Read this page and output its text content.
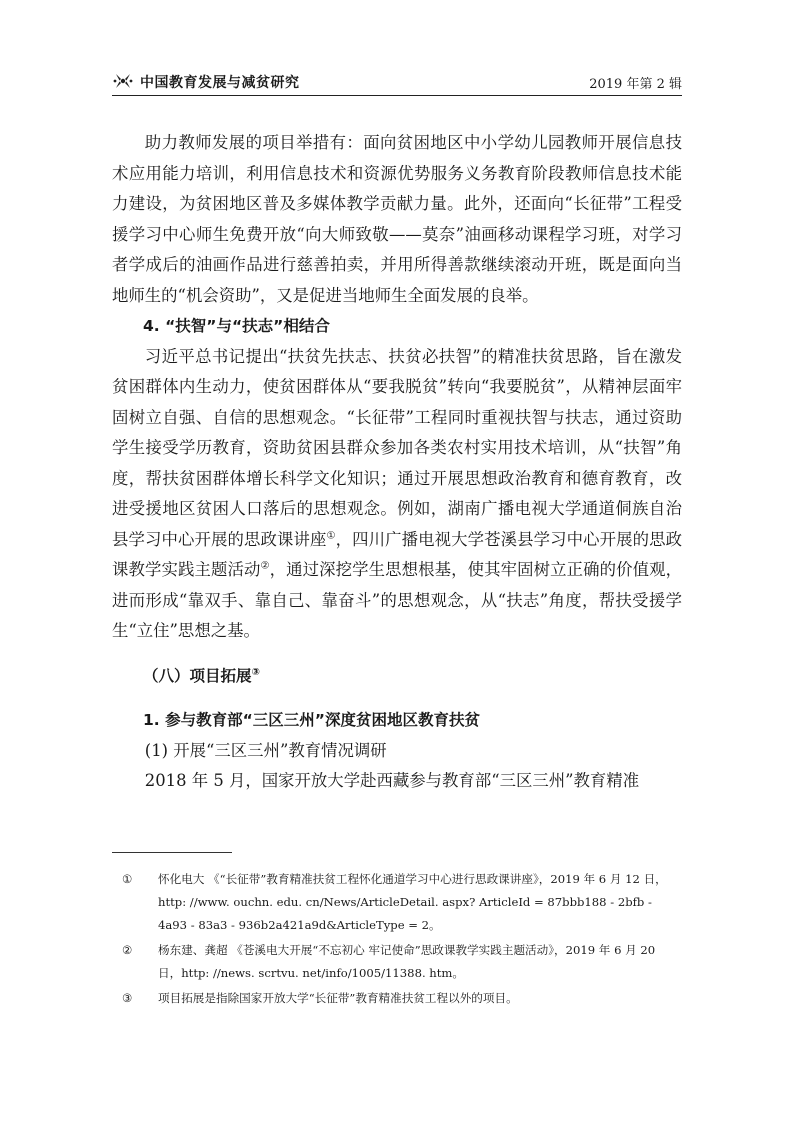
中国教育发展与减贫研究	2019 年第 2 辑

助力教师发展的项目举措有：面向贫困地区中小学幼儿园教师开展信息技术应用能力培训，利用信息技术和资源优势服务义务教育阶段教师信息技术能力建设，为贫困地区普及多媒体教学贡献力量。此外，还面向“长征带”工程受援学习中心师生免费开放“向大师致敬——莫奈”油画移动课程学习班，对学习者学成后的油画作品进行慈善拍卖，并用所得善款继续滚动开班，既是面向当地师生的“机会资助”，又是促进当地师生全面发展的良举。

4. “扶智”与“扶志”相结合

习近平总书记提出“扶贫先扶志、扶贫必扶智”的精准扶贫思路，旨在激发贫困群体内生动力，使贫困群体从“要我脱贫”转向“我要脱贫”，从精神层面牢固树立自强、自信的思想观念。“长征带”工程同时重视扶智与扶志，通过资助学生接受学历教育，资助贫困县群众参加各类农村实用技术培训，从“扶智”角度，帮扶贫困群体增长科学文化知识；通过开展思想政治教育和德育教育，改进受援地区贫困人口落后的思想观念。例如，湖南广播电视大学通道侗族自治县学习中心开展的思政课讲座①，四川广播电视大学苍溪县学习中心开展的思政课教学实践主题活动②，通过深挖学生思想根基，使其牢固树立正确的价值观，进而形成“靠双手、靠自己、靠奋斗”的思想观念，从“扶志”角度，帮扶受援学生“立住”思想之基。

（八）项目拓展③
1. 参与教育部“三区三州”深度贫困地区教育扶贫
(1) 开展“三区三州”教育情况调研

2018 年 5 月，国家开放大学赴西藏参与教育部“三区三州”教育精准

① 怀化电大 《“长征带”教育精准扶贫工程怀化通道学习中心进行思政课讲座》，2019 年 6 月 12 日，http: //www. ouchn. edu. cn/News/ArticleDetail. aspx? ArticleId = 87bbb188 - 2bfb - 4a93 - 83a3 - 936b2a421a9d&ArticleType = 2。
② 杨东建、龚超 《苍溪电大开展“不忘初心 牢记使命”思政课教学实践主题活动》，2019 年 6 月 20 日，http: //news. scrtvu. net/info/1005/11388. htm。
③ 项目拓展是指除国家开放大学“长征带”教育精准扶贫工程以外的项目。
